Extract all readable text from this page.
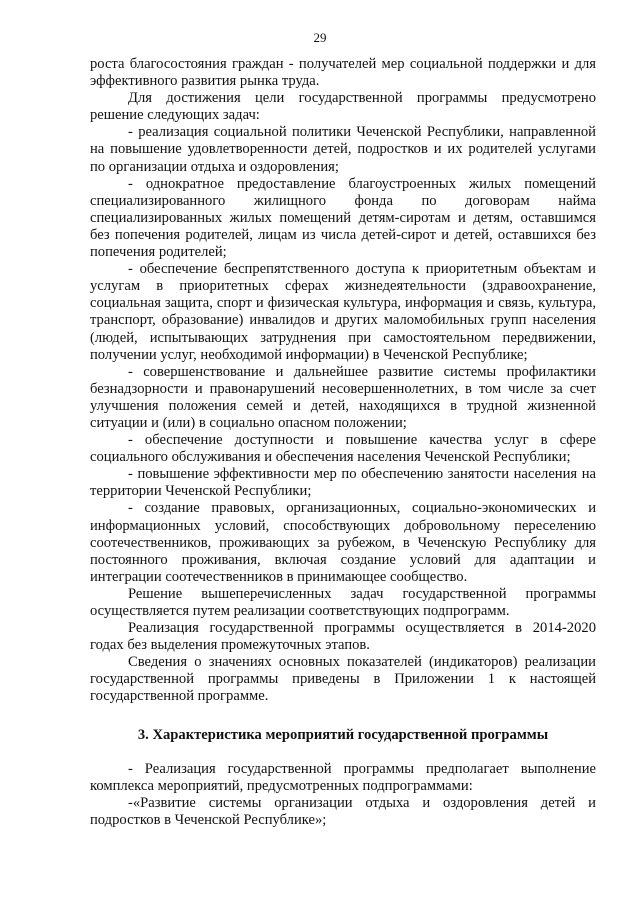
29

роста благосостояния граждан - получателей мер социальной поддержки и для эффективного развития рынка труда.

Для достижения цели государственной программы предусмотрено решение следующих задач:

- реализация социальной политики Чеченской Республики, направленной на повышение удовлетворенности детей, подростков и их родителей услугами по организации отдыха и оздоровления;

- однократное предоставление благоустроенных жилых помещений специализированного жилищного фонда по договорам найма специализированных жилых помещений детям-сиротам и детям, оставшимся без попечения родителей, лицам из числа детей-сирот и детей, оставшихся без попечения родителей;

- обеспечение беспрепятственного доступа к приоритетным объектам и услугам в приоритетных сферах жизнедеятельности (здравоохранение, социальная защита, спорт и физическая культура, информация и связь, культура, транспорт, образование) инвалидов и других маломобильных групп населения (людей, испытывающих затруднения при самостоятельном передвижении, получении услуг, необходимой информации) в Чеченской Республике;

- совершенствование и дальнейшее развитие системы профилактики безнадзорности и правонарушений несовершеннолетних, в том числе за счет улучшения положения семей и детей, находящихся в трудной жизненной ситуации и (или) в социально опасном положении;

- обеспечение доступности и повышение качества услуг в сфере социального обслуживания и обеспечения населения Чеченской Республики;

- повышение эффективности мер по обеспечению занятости населения на территории Чеченской Республики;

- создание правовых, организационных, социально-экономических и информационных условий, способствующих добровольному переселению соотечественников, проживающих за рубежом, в Чеченскую Республику для постоянного проживания, включая создание условий для адаптации и интеграции соотечественников в принимающее сообщество.

Решение вышеперечисленных задач государственной программы осуществляется путем реализации соответствующих подпрограмм.

Реализация государственной программы осуществляется в 2014-2020 годах без выделения промежуточных этапов.

Сведения о значениях основных показателей (индикаторов) реализации государственной программы приведены в Приложении 1 к настоящей государственной программе.

3. Характеристика мероприятий государственной программы

- Реализация государственной программы предполагает выполнение комплекса мероприятий, предусмотренных подпрограммами:

-«Развитие системы организации отдыха и оздоровления детей и подростков в Чеченской Республике»;
